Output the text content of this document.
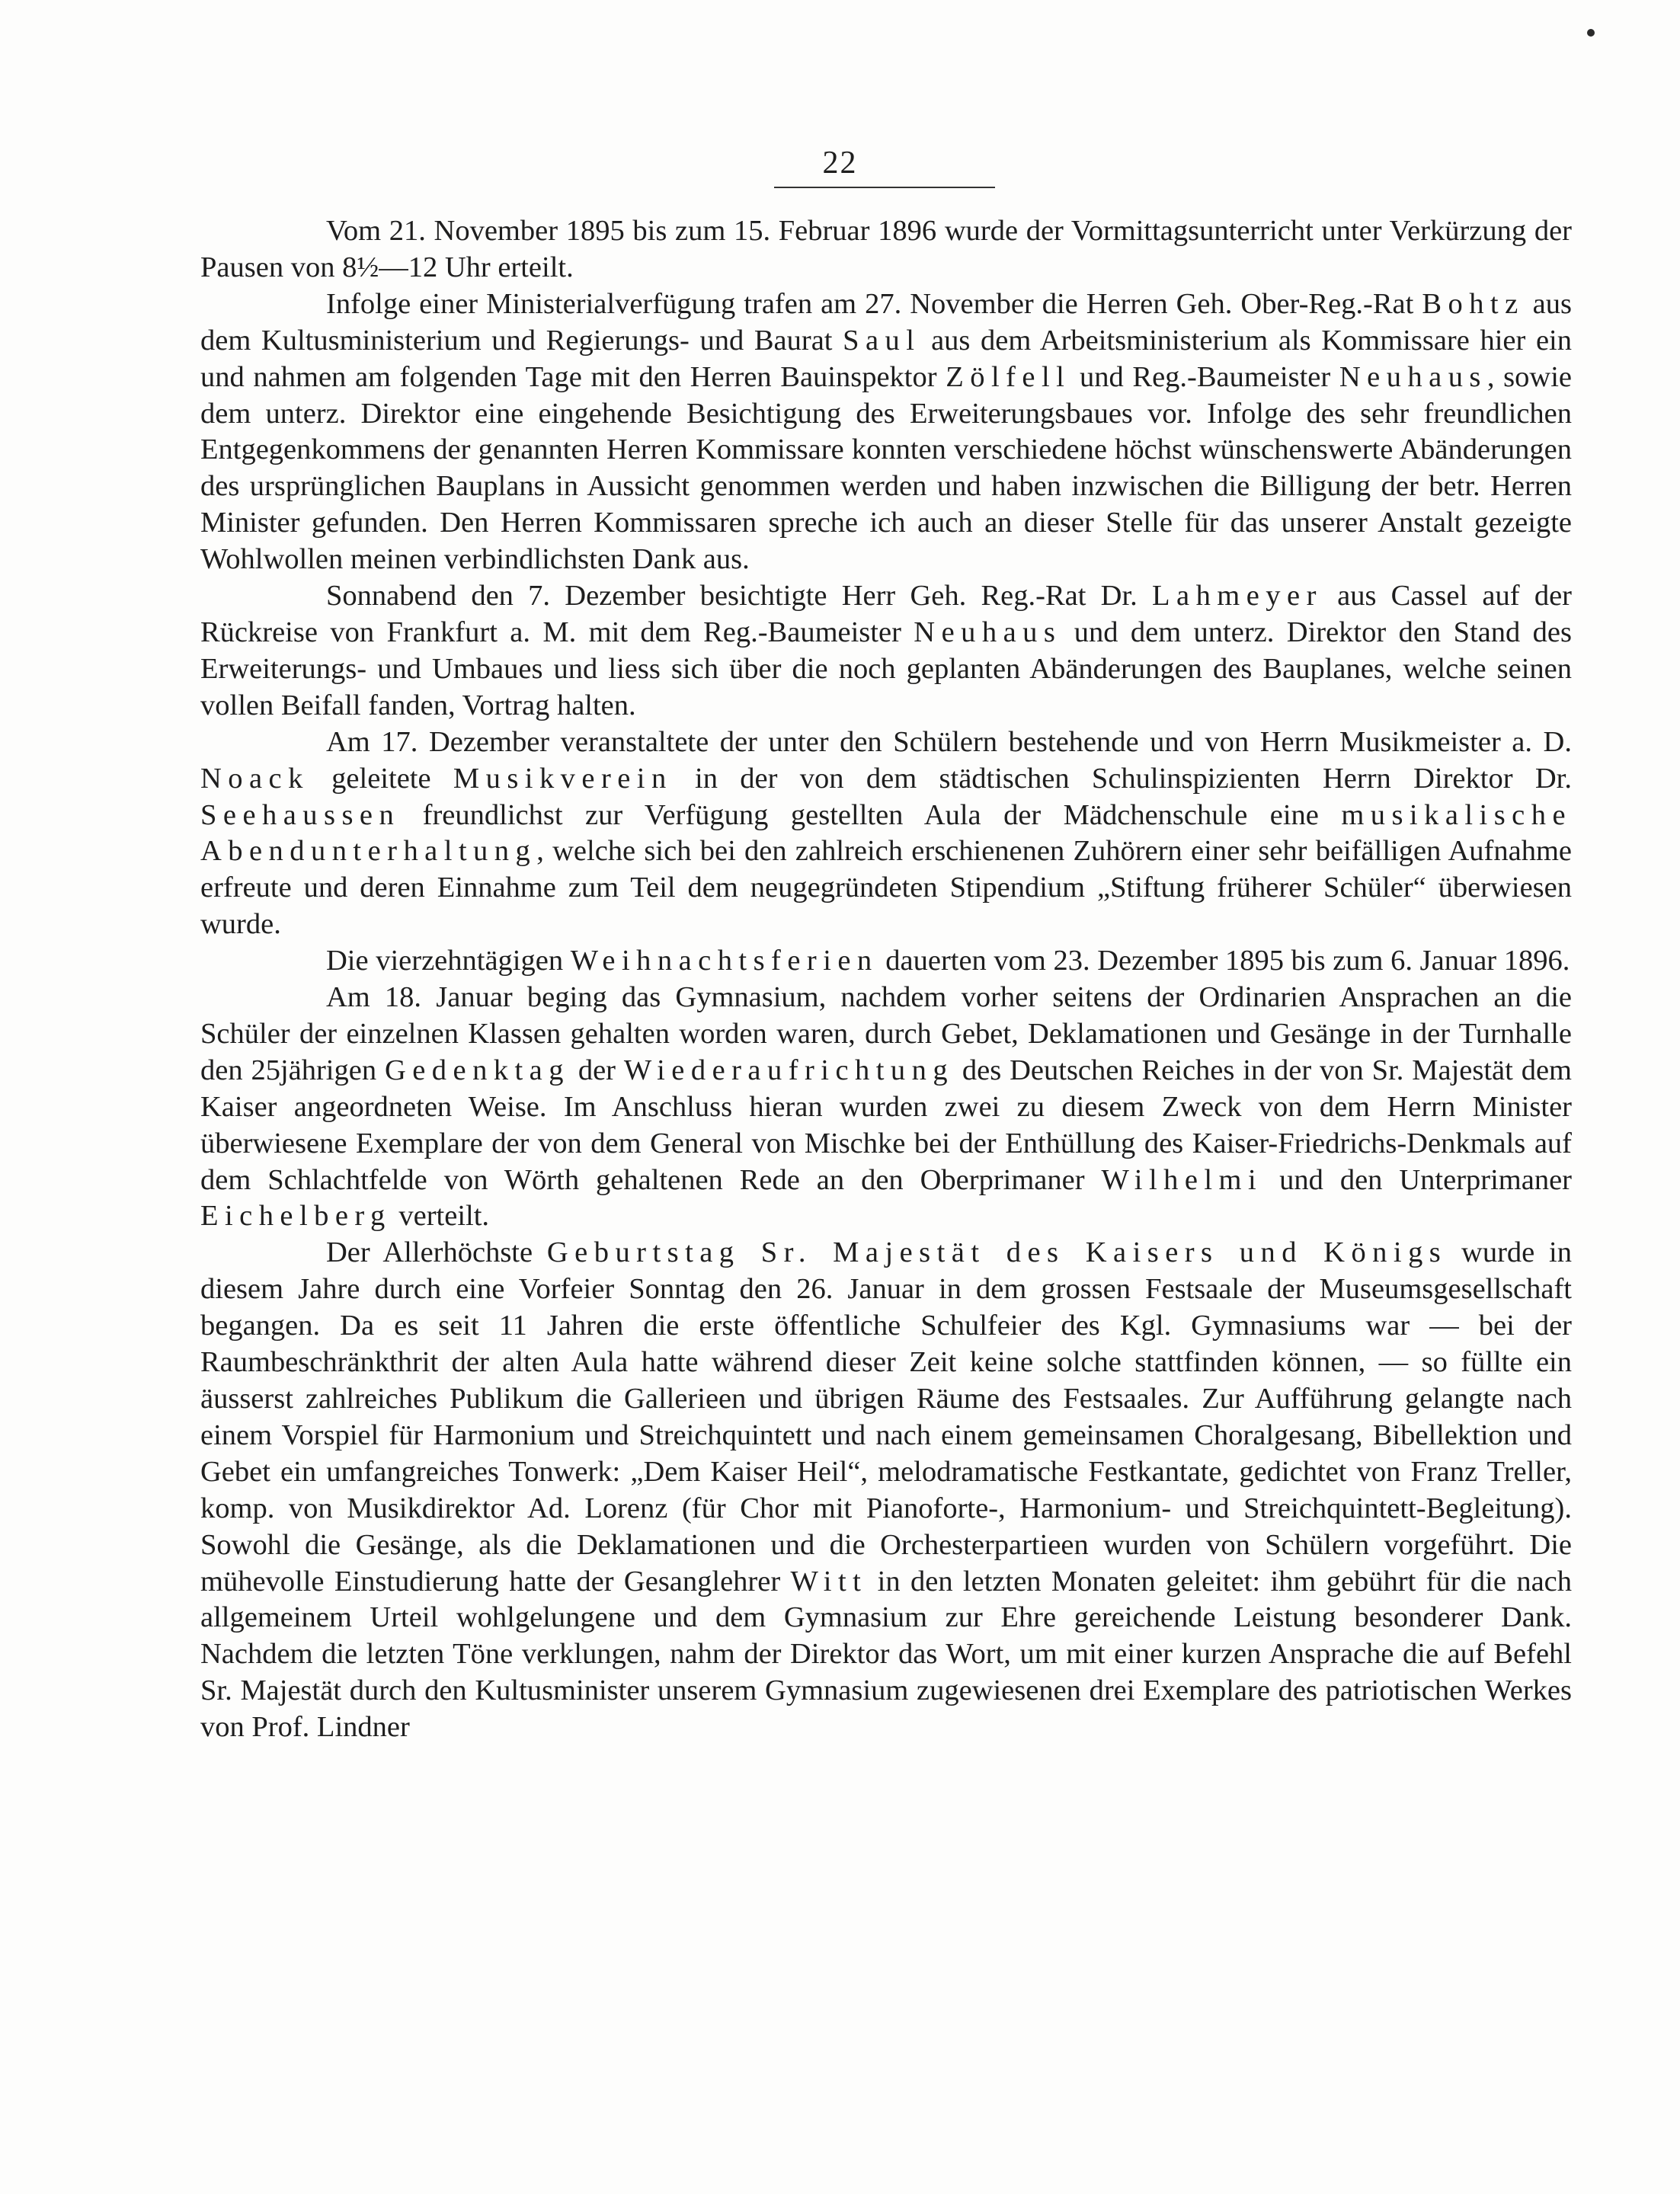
22

Vom 21. November 1895 bis zum 15. Februar 1896 wurde der Vormittagsunterricht unter Verkürzung der Pausen von 8½—12 Uhr erteilt.

Infolge einer Ministerialverfügung trafen am 27. November die Herren Geh. Ober-Reg.-Rat Bohtz aus dem Kultusministerium und Regierungs- und Baurat Saul aus dem Arbeitsministerium als Kommissare hier ein und nahmen am folgenden Tage mit den Herren Bauinspektor Zölfell und Reg.-Baumeister Neuhaus, sowie dem unterz. Direktor eine eingehende Besichtigung des Erweiterungsbaues vor. Infolge des sehr freundlichen Entgegenkommens der genannten Herren Kommissare konnten verschiedene höchst wünschenswerte Abänderungen des ursprünglichen Bauplans in Aussicht genommen werden und haben inzwischen die Billigung der betr. Herren Minister gefunden. Den Herren Kommissaren spreche ich auch an dieser Stelle für das unserer Anstalt gezeigte Wohlwollen meinen verbindlichsten Dank aus.

Sonnabend den 7. Dezember besichtigte Herr Geh. Reg.-Rat Dr. Lahmeyer aus Cassel auf der Rückreise von Frankfurt a. M. mit dem Reg.-Baumeister Neuhaus und dem unterz. Direktor den Stand des Erweiterungs- und Umbaues und liess sich über die noch geplanten Abänderungen des Bauplanes, welche seinen vollen Beifall fanden, Vortrag halten.

Am 17. Dezember veranstaltete der unter den Schülern bestehende und von Herrn Musikmeister a. D. Noack geleitete Musikverein in der von dem städtischen Schulinspizienten Herrn Direktor Dr. Seehaussen freundlichst zur Verfügung gestellten Aula der Mädchenschule eine musikalische Abendunterhaltung, welche sich bei den zahlreich erschienenen Zuhörern einer sehr beifälligen Aufnahme erfreute und deren Einnahme zum Teil dem neugegründeten Stipendium „Stiftung früherer Schüler“ überwiesen wurde.

Die vierzehntägigen Weihnachtsferien dauerten vom 23. Dezember 1895 bis zum 6. Januar 1896.

Am 18. Januar beging das Gymnasium, nachdem vorher seitens der Ordinarien Ansprachen an die Schüler der einzelnen Klassen gehalten worden waren, durch Gebet, Deklamationen und Gesänge in der Turnhalle den 25jährigen Gedenktag der Wiederaufrichtung des Deutschen Reiches in der von Sr. Majestät dem Kaiser angeordneten Weise. Im Anschluss hieran wurden zwei zu diesem Zweck von dem Herrn Minister überwiesene Exemplare der von dem General von Mischke bei der Enthüllung des Kaiser-Friedrichs-Denkmals auf dem Schlachtfelde von Wörth gehaltenen Rede an den Oberprimaner Wilhelmi und den Unterprimaner Eichelberg verteilt.

Der Allerhöchste Geburtstag Sr. Majestät des Kaisers und Königs wurde in diesem Jahre durch eine Vorfeier Sonntag den 26. Januar in dem grossen Festsaale der Museumsgesellschaft begangen. Da es seit 11 Jahren die erste öffentliche Schulfeier des Kgl. Gymnasiums war — bei der Raumbeschränkthrit der alten Aula hatte während dieser Zeit keine solche stattfinden können, — so füllte ein äusserst zahlreiches Publikum die Gallerieen und übrigen Räume des Festsaales. Zur Aufführung gelangte nach einem Vorspiel für Harmonium und Streichquintett und nach einem gemeinsamen Choralgesang, Bibellektion und Gebet ein umfangreiches Tonwerk: „Dem Kaiser Heil“, melodramatische Festkantate, gedichtet von Franz Treller, komp. von Musikdirektor Ad. Lorenz (für Chor mit Pianoforte-, Harmonium- und Streichquintett-Begleitung). Sowohl die Gesänge, als die Deklamationen und die Orchesterpartieen wurden von Schülern vorgeführt. Die mühevolle Einstudierung hatte der Gesanglehrer Witt in den letzten Monaten geleitet: ihm gebührt für die nach allgemeinem Urteil wohlgelungene und dem Gymnasium zur Ehre gereichende Leistung besonderer Dank. Nachdem die letzten Töne verklungen, nahm der Direktor das Wort, um mit einer kurzen Ansprache die auf Befehl Sr. Majestät durch den Kultusminister unserem Gymnasium zugewiesenen drei Exemplare des patriotischen Werkes von Prof. Lindner
